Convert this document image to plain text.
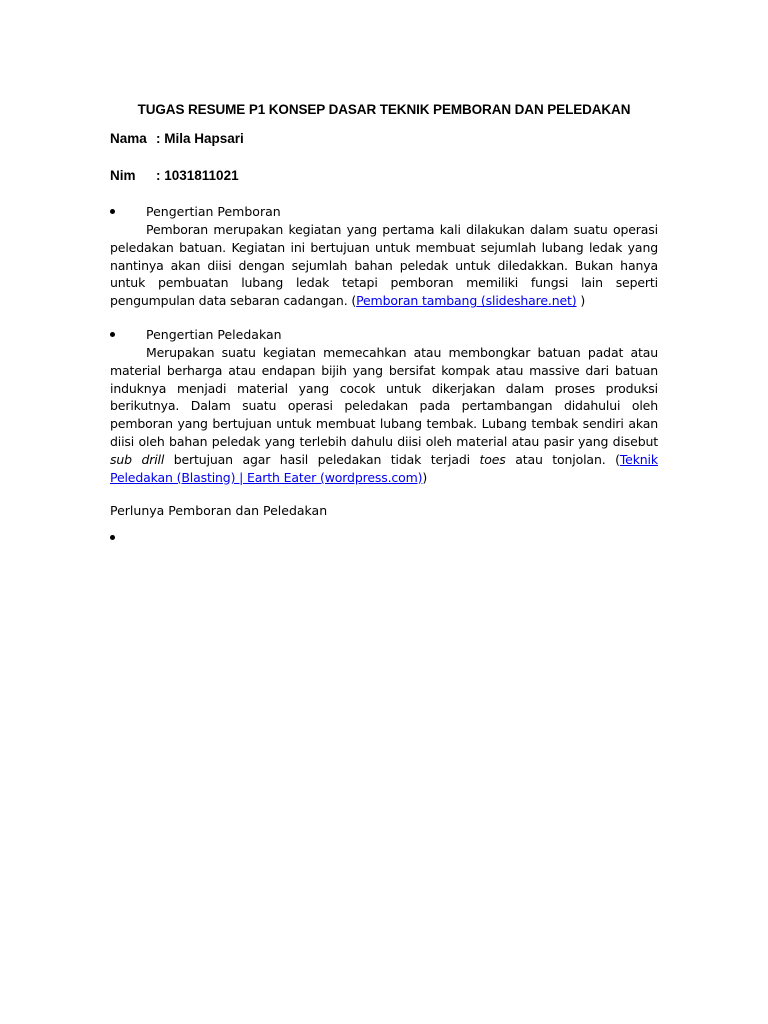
TUGAS RESUME P1 KONSEP DASAR TEKNIK PEMBORAN DAN PELEDAKAN

Nama : Mila Hapsari

Nim : 1031811021

Pengertian Pemboran

Pemboran merupakan kegiatan yang pertama kali dilakukan dalam suatu operasi peledakan batuan. Kegiatan ini bertujuan untuk membuat sejumlah lubang ledak yang nantinya akan diisi dengan sejumlah bahan peledak untuk diledakkan. Bukan hanya untuk pembuatan lubang ledak tetapi pemboran memiliki fungsi lain seperti pengumpulan data sebaran cadangan. (Pemboran tambang (slideshare.net) )

Pengertian Peledakan

Merupakan suatu kegiatan memecahkan atau membongkar batuan padat atau material berharga atau endapan bijih yang bersifat kompak atau massive dari batuan induknya menjadi material yang cocok untuk dikerjakan dalam proses produksi berikutnya. Dalam suatu operasi peledakan pada pertambangan didahului oleh pemboran yang bertujuan untuk membuat lubang tembak. Lubang tembak sendiri akan diisi oleh bahan peledak yang terlebih dahulu diisi oleh material atau pasir yang disebut sub drill bertujuan agar hasil peledakan tidak terjadi toes atau tonjolan. (Teknik Peledakan (Blasting) | Earth Eater (wordpress.com))

Perlunya Pemboran dan Peledakan
